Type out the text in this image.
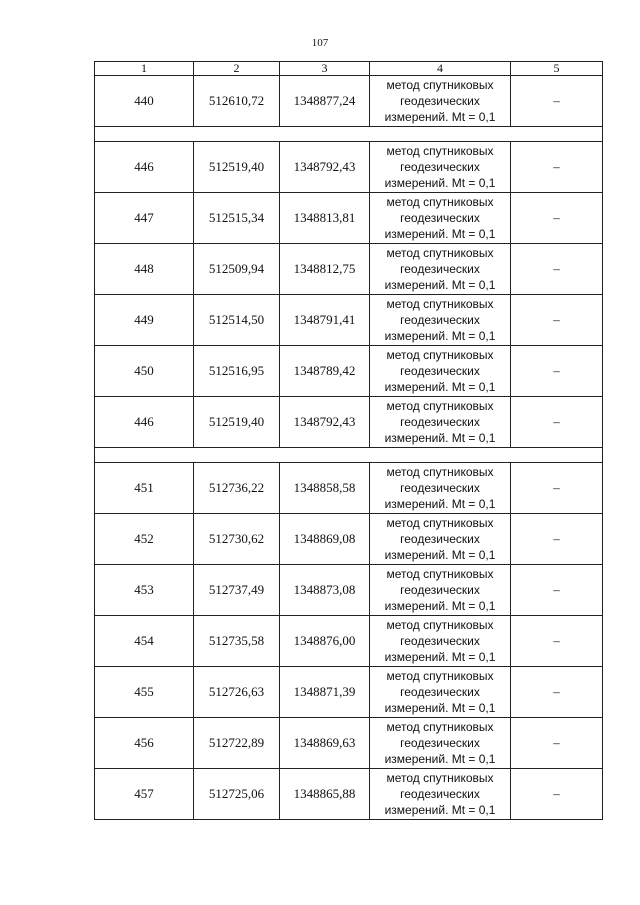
107
1	2	3	4	5
440	512610,72	1348877,24	метод спутниковых
геодезических
измерений. Mt = 0,1	–

446	512519,40	1348792,43	метод спутниковых
геодезических
измерений. Mt = 0,1	–
447	512515,34	1348813,81	метод спутниковых
геодезических
измерений. Mt = 0,1	–
448	512509,94	1348812,75	метод спутниковых
геодезических
измерений. Mt = 0,1	–
449	512514,50	1348791,41	метод спутниковых
геодезических
измерений. Mt = 0,1	–
450	512516,95	1348789,42	метод спутниковых
геодезических
измерений. Mt = 0,1	–
446	512519,40	1348792,43	метод спутниковых
геодезических
измерений. Mt = 0,1	–

451	512736,22	1348858,58	метод спутниковых
геодезических
измерений. Mt = 0,1	–
452	512730,62	1348869,08	метод спутниковых
геодезических
измерений. Mt = 0,1	–
453	512737,49	1348873,08	метод спутниковых
геодезических
измерений. Mt = 0,1	–
454	512735,58	1348876,00	метод спутниковых
геодезических
измерений. Mt = 0,1	–
455	512726,63	1348871,39	метод спутниковых
геодезических
измерений. Mt = 0,1	–
456	512722,89	1348869,63	метод спутниковых
геодезических
измерений. Mt = 0,1	–
457	512725,06	1348865,88	метод спутниковых
геодезических
измерений. Mt = 0,1	–
